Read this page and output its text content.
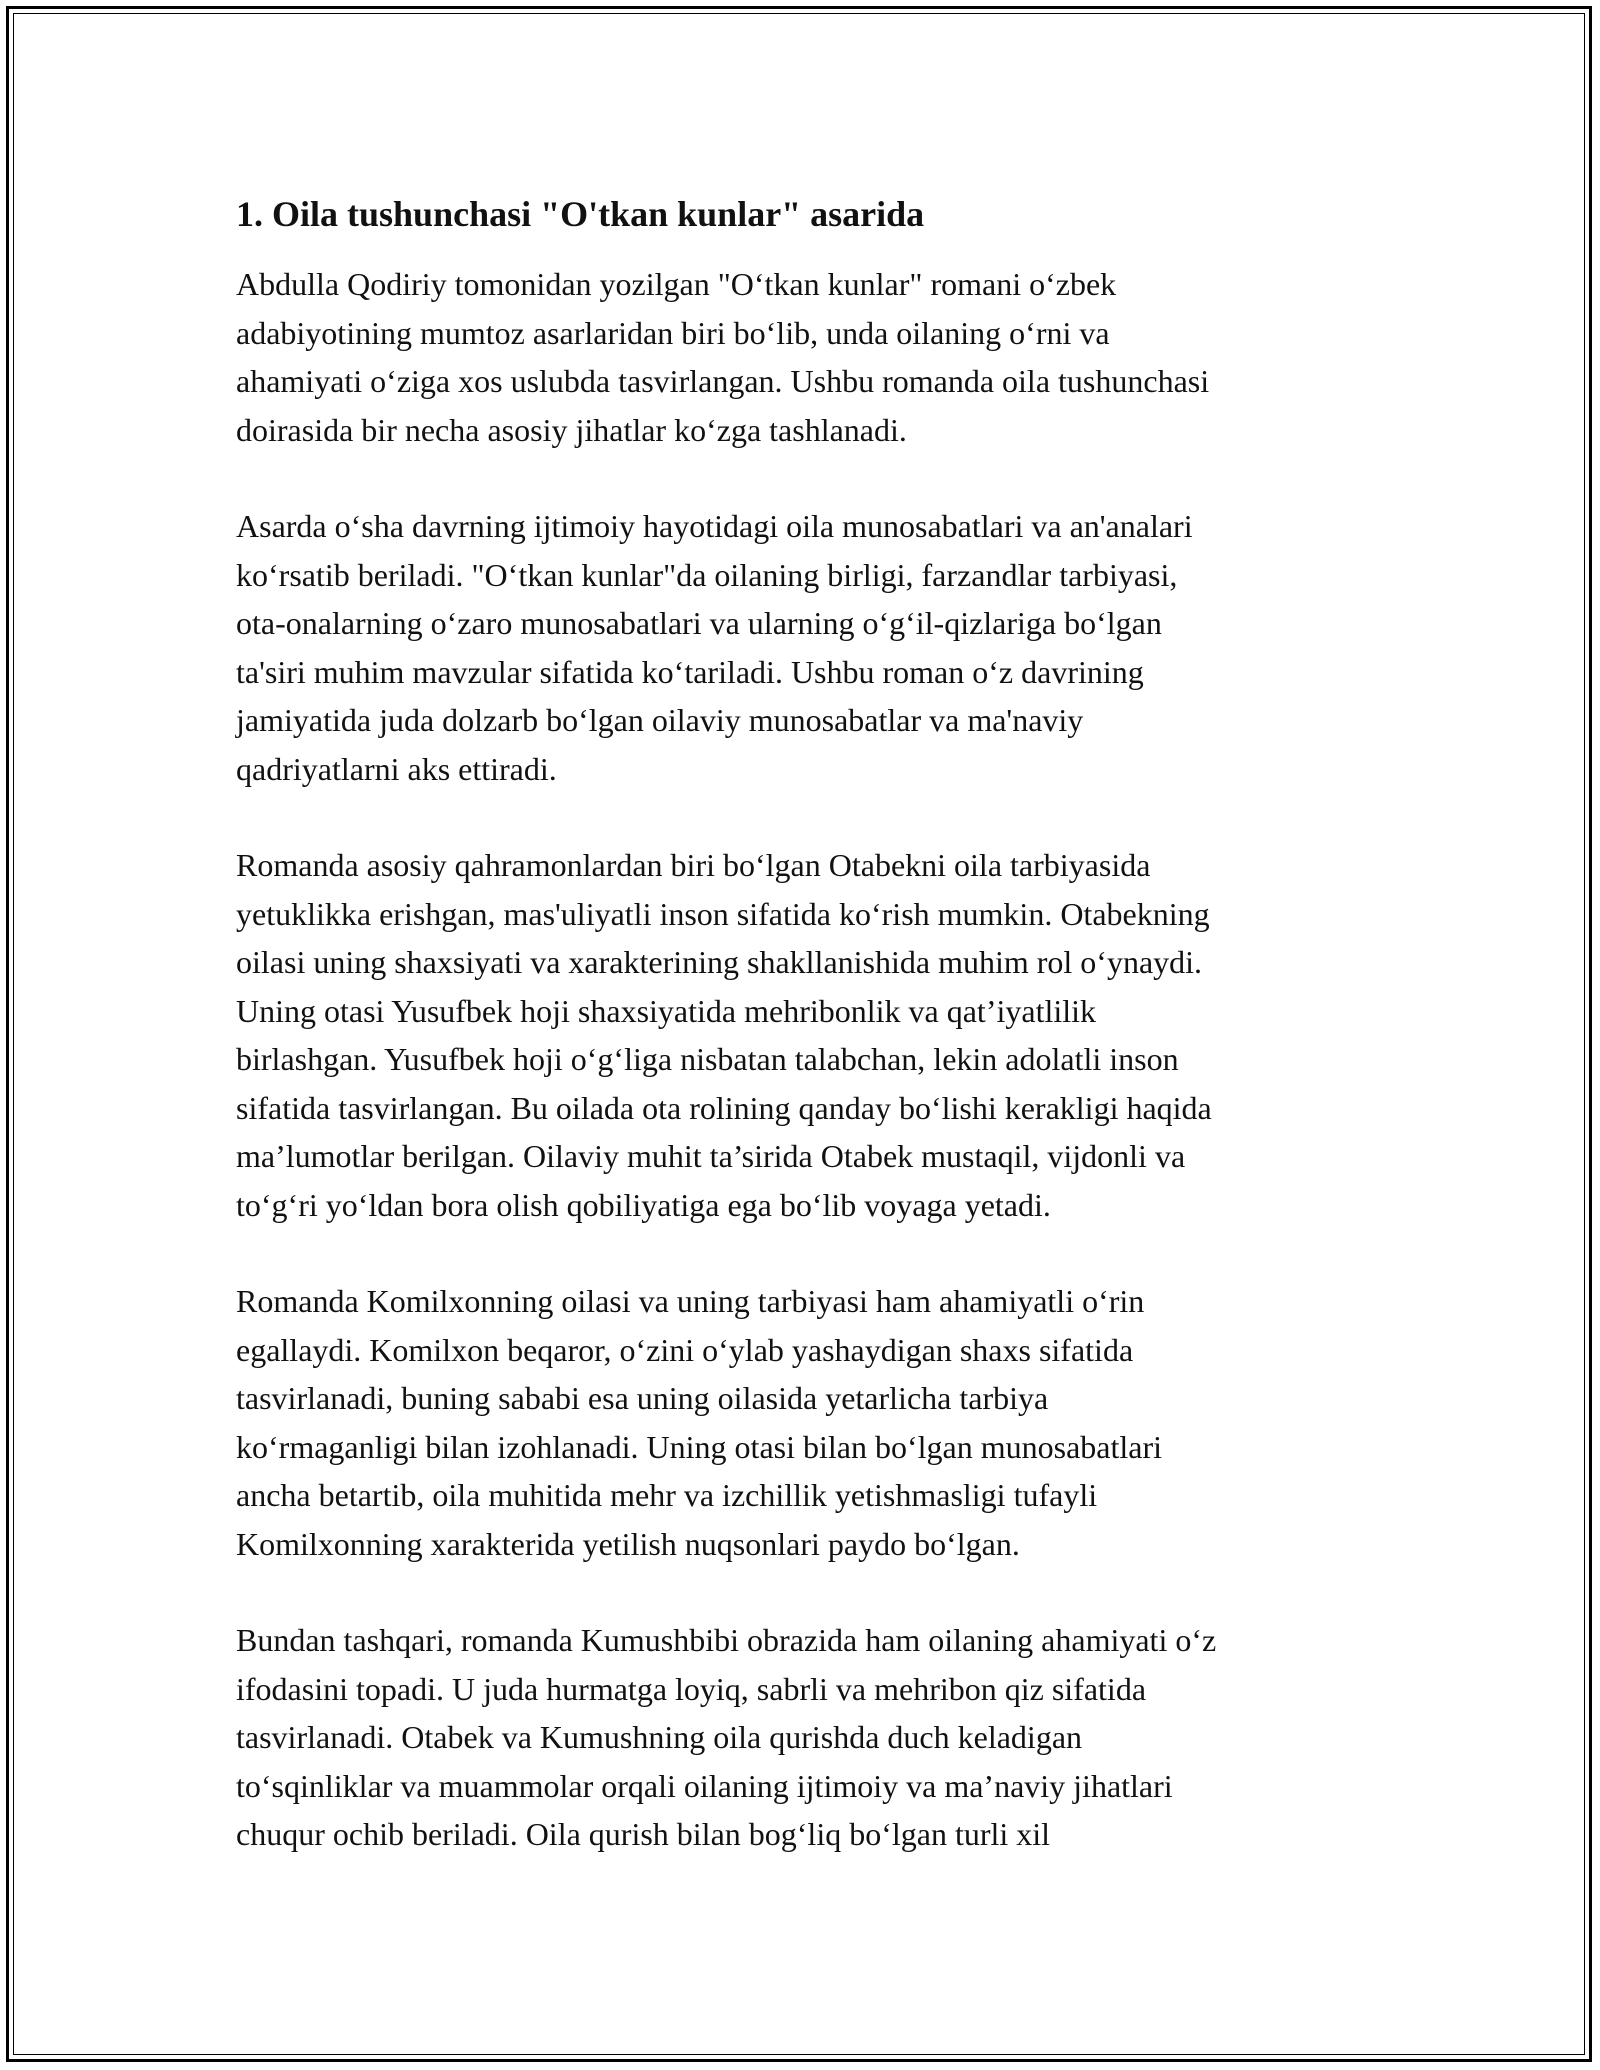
1. Oila tushunchasi "O'tkan kunlar" asarida

Abdulla Qodiriy tomonidan yozilgan "O‘tkan kunlar" romani o‘zbek
adabiyotining mumtoz asarlaridan biri bo‘lib, unda oilaning o‘rni va
ahamiyati o‘ziga xos uslubda tasvirlangan. Ushbu romanda oila tushunchasi
doirasida bir necha asosiy jihatlar ko‘zga tashlanadi.

Asarda o‘sha davrning ijtimoiy hayotidagi oila munosabatlari va an'analari
ko‘rsatib beriladi. "O‘tkan kunlar"da oilaning birligi, farzandlar tarbiyasi,
ota-onalarning o‘zaro munosabatlari va ularning o‘g‘il-qizlariga bo‘lgan
ta'siri muhim mavzular sifatida ko‘tariladi. Ushbu roman o‘z davrining
jamiyatida juda dolzarb bo‘lgan oilaviy munosabatlar va ma'naviy
qadriyatlarni aks ettiradi.

Romanda asosiy qahramonlardan biri bo‘lgan Otabekni oila tarbiyasida
yetuklikka erishgan, mas'uliyatli inson sifatida ko‘rish mumkin. Otabekning
oilasi uning shaxsiyati va xarakterining shakllanishida muhim rol o‘ynaydi.
Uning otasi Yusufbek hoji shaxsiyatida mehribonlik va qat’iyatlilik
birlashgan. Yusufbek hoji o‘g‘liga nisbatan talabchan, lekin adolatli inson
sifatida tasvirlangan. Bu oilada ota rolining qanday bo‘lishi kerakligi haqida
ma’lumotlar berilgan. Oilaviy muhit ta’sirida Otabek mustaqil, vijdonli va
to‘g‘ri yo‘ldan bora olish qobiliyatiga ega bo‘lib voyaga yetadi.

Romanda Komilxonning oilasi va uning tarbiyasi ham ahamiyatli o‘rin
egallaydi. Komilxon beqaror, o‘zini o‘ylab yashaydigan shaxs sifatida
tasvirlanadi, buning sababi esa uning oilasida yetarlicha tarbiya
ko‘rmaganligi bilan izohlanadi. Uning otasi bilan bo‘lgan munosabatlari
ancha betartib, oila muhitida mehr va izchillik yetishmasligi tufayli
Komilxonning xarakterida yetilish nuqsonlari paydo bo‘lgan.

Bundan tashqari, romanda Kumushbibi obrazida ham oilaning ahamiyati o‘z
ifodasini topadi. U juda hurmatga loyiq, sabrli va mehribon qiz sifatida
tasvirlanadi. Otabek va Kumushning oila qurishda duch keladigan
to‘sqinliklar va muammolar orqali oilaning ijtimoiy va ma’naviy jihatlari
chuqur ochib beriladi. Oila qurish bilan bog‘liq bo‘lgan turli xil
